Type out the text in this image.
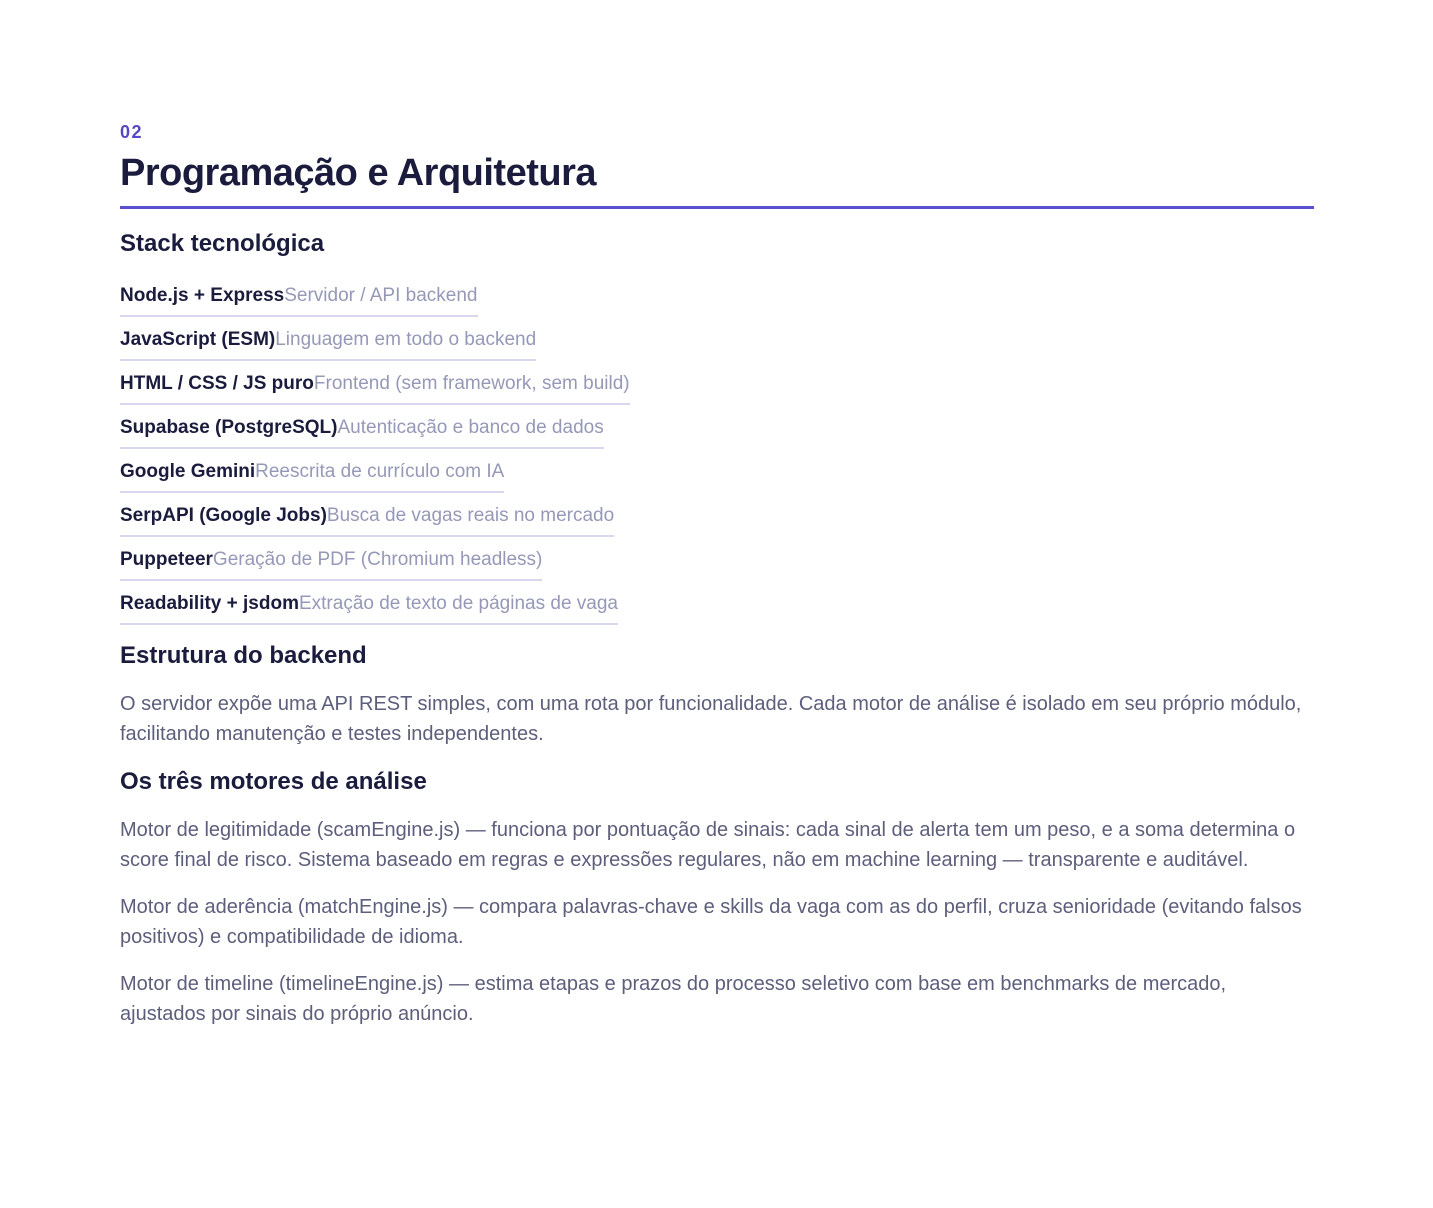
02
Programação e Arquitetura
Stack tecnológica
Node.js + ExpressServidor / API backend
JavaScript (ESM)Linguagem em todo o backend
HTML / CSS / JS puroFrontend (sem framework, sem build)
Supabase (PostgreSQL)Autenticação e banco de dados
Google GeminiReescrita de currículo com IA
SerpAPI (Google Jobs)Busca de vagas reais no mercado
PuppeteerGeração de PDF (Chromium headless)
Readability + jsdomExtração de texto de páginas de vaga
Estrutura do backend

O servidor expõe uma API REST simples, com uma rota por funcionalidade. Cada motor de análise é isolado em seu próprio módulo, facilitando manutenção e testes independentes.

Os três motores de análise

Motor de legitimidade (scamEngine.js) — funciona por pontuação de sinais: cada sinal de alerta tem um peso, e a soma determina o score final de risco. Sistema baseado em regras e expressões regulares, não em machine learning — transparente e auditável.

Motor de aderência (matchEngine.js) — compara palavras-chave e skills da vaga com as do perfil, cruza senioridade (evitando falsos positivos) e compatibilidade de idioma.

Motor de timeline (timelineEngine.js) — estima etapas e prazos do processo seletivo com base em benchmarks de mercado, ajustados por sinais do próprio anúncio.
